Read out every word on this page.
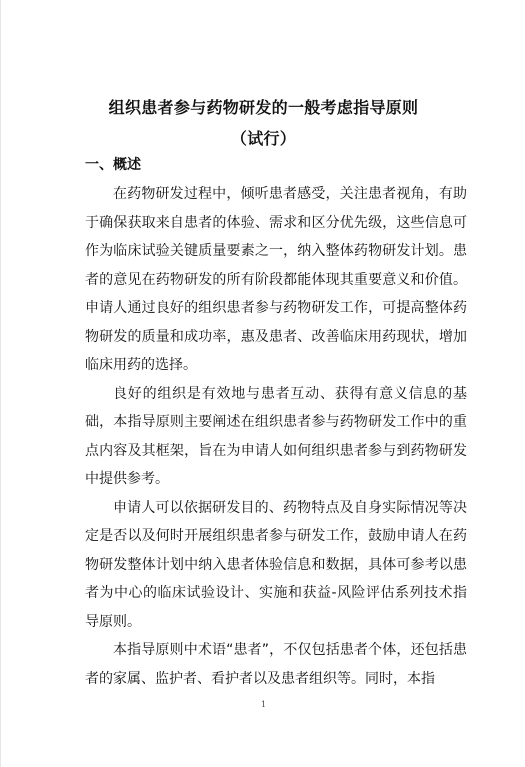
组织患者参与药物研发的一般考虑指导原则
（试行）
一、概述

在药物研发过程中，倾听患者感受，关注患者视角，有助于确保获取来自患者的体验、需求和区分优先级，这些信息可作为临床试验关键质量要素之一，纳入整体药物研发计划。患者的意见在药物研发的所有阶段都能体现其重要意义和价值。申请人通过良好的组织患者参与药物研发工作，可提高整体药物研发的质量和成功率，惠及患者、改善临床用药现状，增加临床用药的选择。

良好的组织是有效地与患者互动、获得有意义信息的基础，本指导原则主要阐述在组织患者参与药物研发工作中的重点内容及其框架，旨在为申请人如何组织患者参与到药物研发中提供参考。

申请人可以依据研发目的、药物特点及自身实际情况等决定是否以及何时开展组织患者参与研发工作，鼓励申请人在药物研发整体计划中纳入患者体验信息和数据，具体可参考以患者为中心的临床试验设计、实施和获益-风险评估系列技术指导原则。

本指导原则中术语“患者”，不仅包括患者个体，还包括患者的家属、监护者、看护者以及患者组织等。同时，本指

1
